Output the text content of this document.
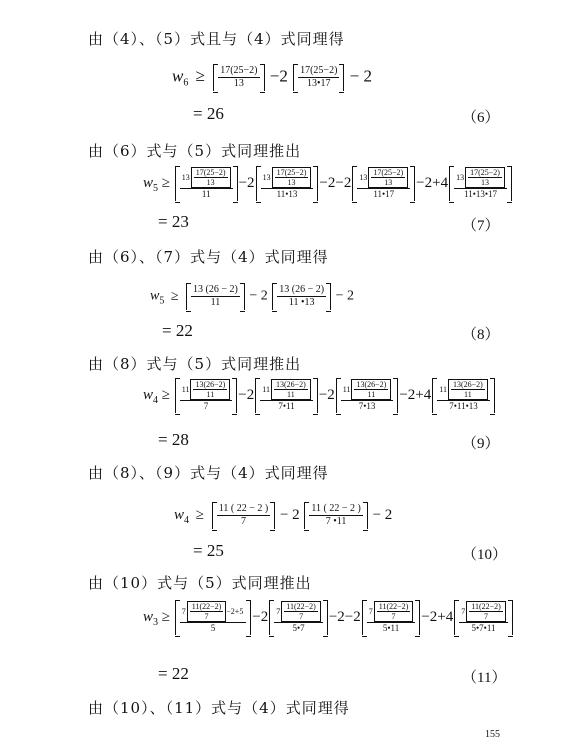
由（4）、（5）式且与（4）式同理得
$w_6 \ge \frac{17(25-2)}{13} -2 \frac{17(25-2)}{13•17} - 2$
= 26	（6）
由（6）式与（5）式同理推出
$w_5 \ge \frac{13 \frac{17(25-2)}{13}}{11} -2 \frac{13 \frac{17(25-2)}{13}}{11•13} -2-2 \frac{13 \frac{17(25-2)}{13}}{11•17} -2+4 \frac{13 \frac{17(25-2)}{13}}{11•13•17}$
= 23	（7）
由（6）、（7）式与（4）式同理得
$w_5 \ge \frac{13 (26 - 2)}{11} - 2 \frac{13 (26 - 2)}{11 •13} - 2$
= 22	（8）
由（8）式与（5）式同理推出
$w_4 \ge \frac{11 \frac{13(26-2)}{11}}{7} -2 \frac{11 \frac{13(26-2)}{11}}{7•11} -2 \frac{11 \frac{13(26-2)}{11}}{7•13} -2+4 \frac{11 \frac{13(26-2)}{11}}{7•11•13}$
= 28	（9）
由（8）、（9）式与（4）式同理得
$w_4 \ge \frac{11 ( 22 - 2 )}{7} - 2 \frac{11 ( 22 - 2 )}{7 •11} - 2$
= 25	（10）
由（10）式与（5）式同理推出
$w_3 \ge \frac{7 \frac{11(22-2)}{7} -2+5}{5} -2 \frac{7 \frac{11(22-2)}{7}}{5•7} -2-2 \frac{7 \frac{11(22-2)}{7}}{5•11} -2+4 \frac{7 \frac{11(22-2)}{7}}{5•7•11}$
= 22	（11）
由（10）、（11）式与（4）式同理得
155
